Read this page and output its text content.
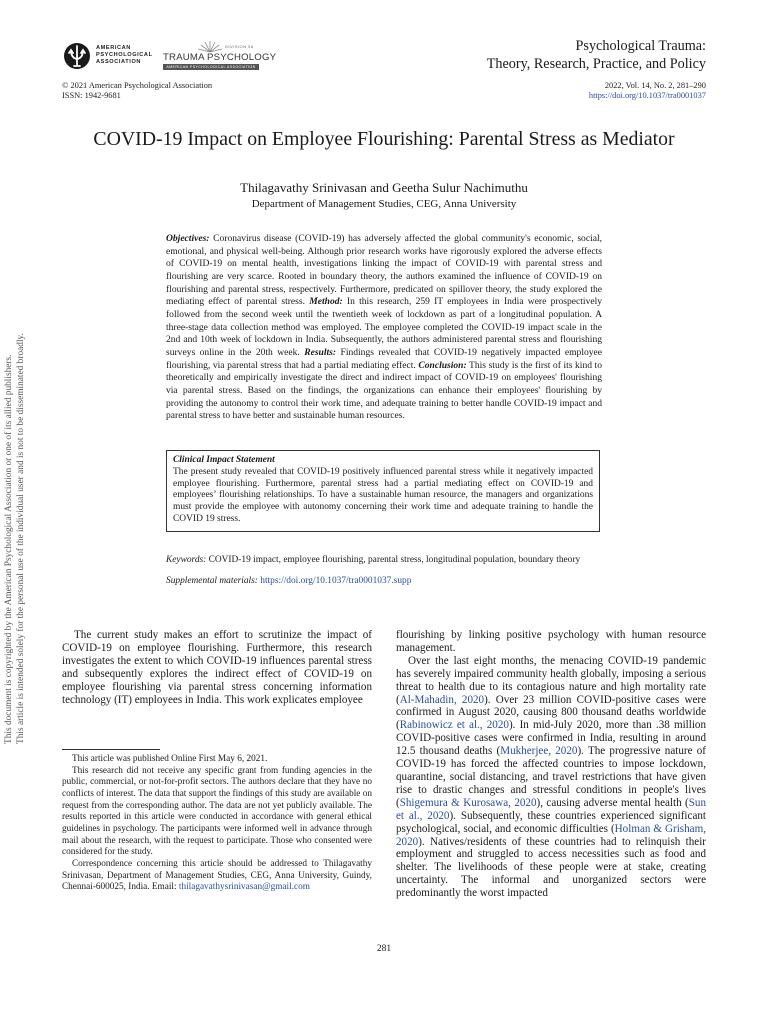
AMERICAN
PSYCHOLOGICAL
ASSOCIATION
DIVISION 56
TRAUMA PSYCHOLOGY
AMERICAN PSYCHOLOGICAL ASSOCIATION
Psychological Trauma:
Theory, Research, Practice, and Policy
© 2021 American Psychological Association
ISSN: 1942-9681
2022, Vol. 14, No. 2, 281–290
https://doi.org/10.1037/tra0001037
COVID-19 Impact on Employee Flourishing: Parental Stress as Mediator
Thilagavathy Srinivasan and Geetha Sulur Nachimuthu
Department of Management Studies, CEG, Anna University
Objectives: Coronavirus disease (COVID-19) has adversely affected the global community's economic, social, emotional, and physical well-being. Although prior research works have rigorously explored the adverse effects of COVID-19 on mental health, investigations linking the impact of COVID-19 with parental stress and flourishing are very scarce. Rooted in boundary theory, the authors examined the influence of COVID-19 on flourishing and parental stress, respectively. Furthermore, predicated on spillover theory, the study explored the mediating effect of parental stress. Method: In this research, 259 IT employees in India were prospectively followed from the second week until the twentieth week of lockdown as part of a longitudinal population. A three-stage data collection method was employed. The employee completed the COVID-19 impact scale in the 2nd and 10th week of lockdown in India. Subsequently, the authors administered parental stress and flourishing surveys online in the 20th week. Results: Findings revealed that COVID-19 negatively impacted employee flourishing, via parental stress that had a partial mediating effect. Conclusion: This study is the first of its kind to theoretically and empirically investigate the direct and indirect impact of COVID-19 on employees' flourishing via parental stress. Based on the findings, the organizations can enhance their employees' flourishing by providing the autonomy to control their work time, and adequate training to better handle COVID-19 impact and parental stress to have better and sustainable human resources.
Clinical Impact Statement
The present study revealed that COVID-19 positively influenced parental stress while it negatively impacted employee flourishing. Furthermore, parental stress had a partial mediating effect on COVID-19 and employees’ flourishing relationships. To have a sustainable human resource, the managers and organizations must provide the employee with autonomy concerning their work time and adequate training to handle the COVID 19 stress.
Keywords: COVID-19 impact, employee flourishing, parental stress, longitudinal population, boundary theory
Supplemental materials: https://doi.org/10.1037/tra0001037.supp

The current study makes an effort to scrutinize the impact of COVID-19 on employee flourishing. Furthermore, this research investigates the extent to which COVID-19 influences parental stress and subsequently explores the indirect effect of COVID-19 on employee flourishing via parental stress concerning information technology (IT) employees in India. This work explicates employee

flourishing by linking positive psychology with human resource management.

Over the last eight months, the menacing COVID-19 pandemic has severely impaired community health globally, imposing a serious threat to health due to its contagious nature and high mortality rate (Al-Mahadin, 2020). Over 23 million COVID-positive cases were confirmed in August 2020, causing 800 thousand deaths worldwide (Rabinowicz et al., 2020). In mid-July 2020, more than .38 million COVID-positive cases were confirmed in India, resulting in around 12.5 thousand deaths (Mukherjee, 2020). The progressive nature of COVID-19 has forced the affected countries to impose lockdown, quarantine, social distancing, and travel restrictions that have given rise to drastic changes and stressful conditions in people's lives (Shigemura & Kurosawa, 2020), causing adverse mental health (Sun et al., 2020). Subsequently, these countries experienced significant psychological, social, and economic difficulties (Holman & Grisham, 2020). Natives/residents of these countries had to relinquish their employment and struggled to access necessities such as food and shelter. The livelihoods of these people were at stake, creating uncertainty. The informal and unorganized sectors were predominantly the worst impacted

This article was published Online First May 6, 2021.

This research did not receive any specific grant from funding agencies in the public, commercial, or not-for-profit sectors. The authors declare that they have no conflicts of interest. The data that support the findings of this study are available on request from the corresponding author. The data are not yet publicly available. The results reported in this article were conducted in accordance with general ethical guidelines in psychology. The participants were informed well in advance through mail about the research, with the request to participate. Those who consented were considered for the study.

Correspondence concerning this article should be addressed to Thilagavathy Srinivasan, Department of Management Studies, CEG, Anna University, Guindy, Chennai-600025, India. Email: thilagavathysrinivasan@gmail.com

281
This document is copyrighted by the American Psychological Association or one of its allied publishers. This article is intended solely for the personal use of the individual user and is not to be disseminated broadly.
